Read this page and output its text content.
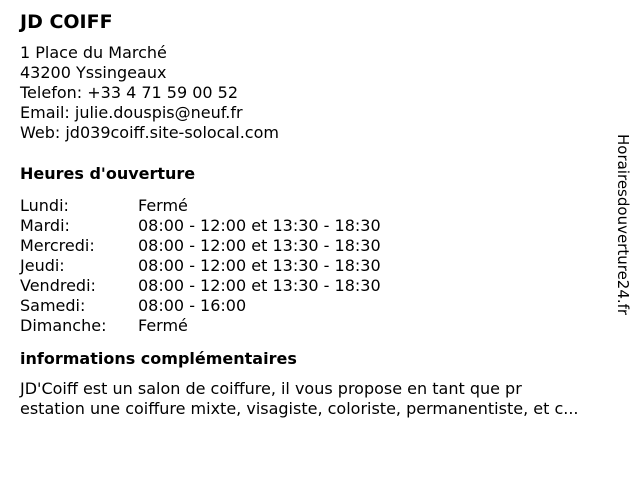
JD COIFF
1 Place du Marché
43200 Yssingeaux
Telefon: +33 4 71 59 00 52
Email: julie.douspis@neuf.fr
Web: jd039coiff.site-solocal.com
Heures d'ouverture
Lundi:	Fermé
Mardi:	08:00 - 12:00 et 13:30 - 18:30
Mercredi:	08:00 - 12:00 et 13:30 - 18:30
Jeudi:	08:00 - 12:00 et 13:30 - 18:30
Vendredi:	08:00 - 12:00 et 13:30 - 18:30
Samedi:	08:00 - 16:00
Dimanche:	Fermé
informations complémentaires
JD'Coiff est un salon de coiffure, il vous propose en tant que pr
estation une coiffure mixte, visagiste, coloriste, permanentiste, et c...
Horairesdouverture24.fr
